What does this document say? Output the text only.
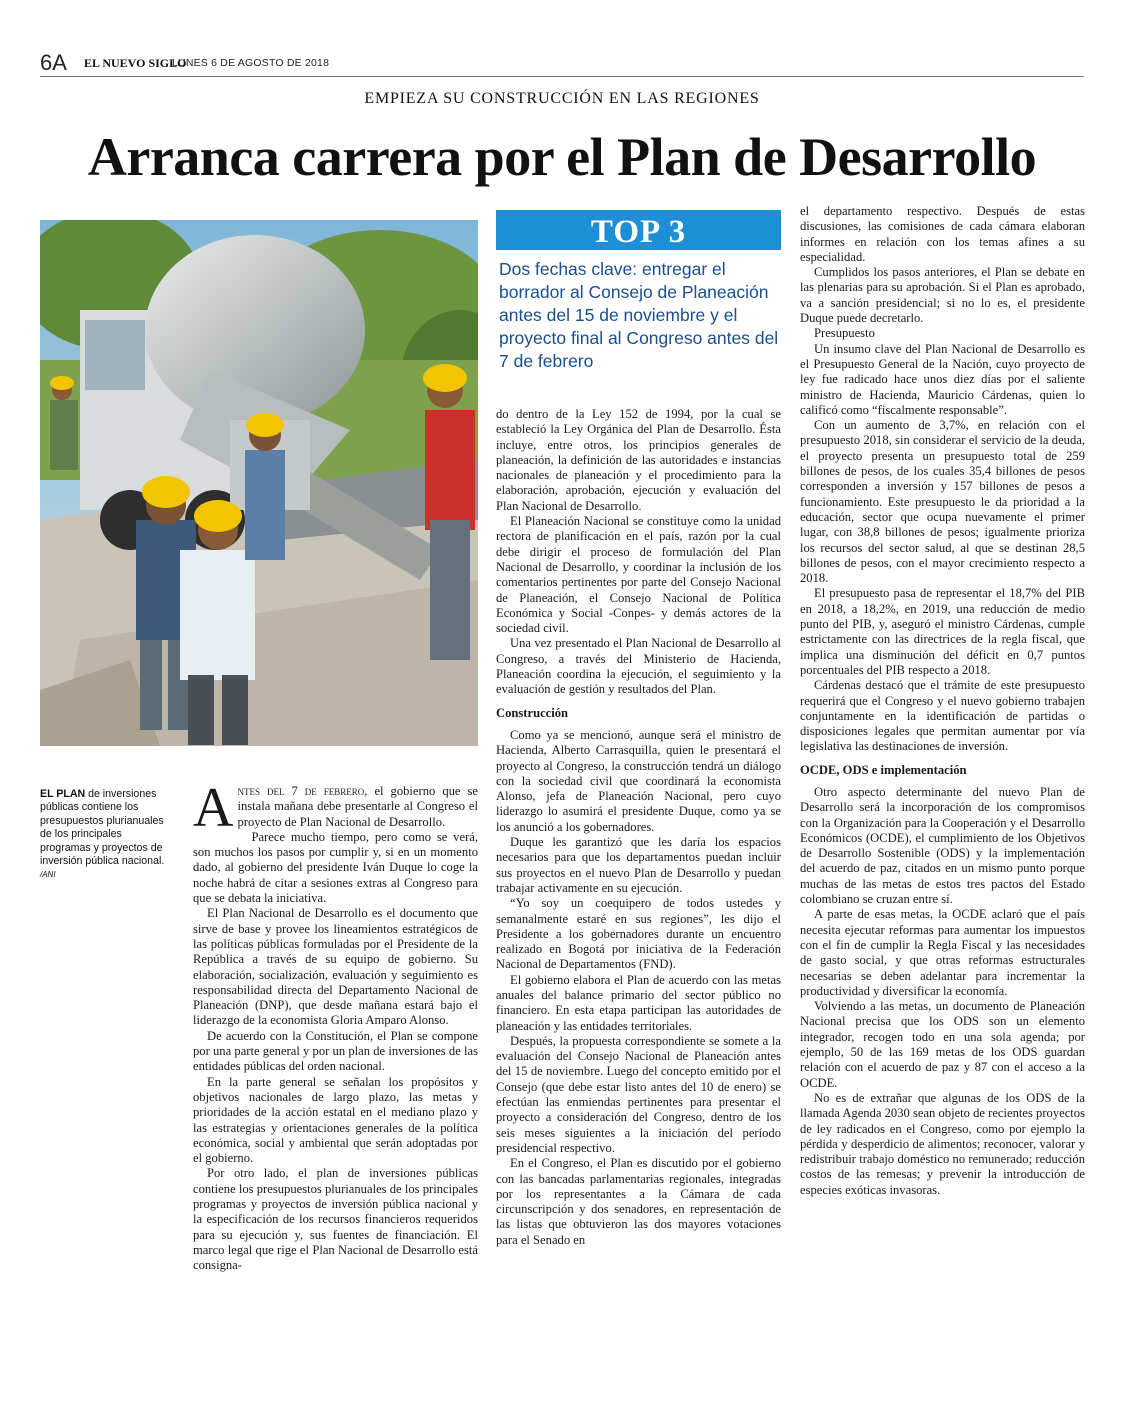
6A EL NUEVO SIGLO
LUNES 6 DE AGOSTO DE 2018
EMPIEZA SU CONSTRUCCIÓN EN LAS REGIONES
Arranca carrera por el Plan de Desarrollo
EL PLAN de inversiones públicas contiene los presupuestos plurianuales de los principales programas y proyectos de inversión pública nacional. /ANI

Antes del 7 de febrero, el gobierno que se instala mañana debe presentarle al Congreso el proyecto de Plan Nacional de Desarrollo.

Parece mucho tiempo, pero como se verá, son muchos los pasos por cumplir y, si en un momento dado, al gobierno del presidente Iván Duque lo coge la noche habrá de citar a sesiones extras al Congreso para que se debata la iniciativa.

El Plan Nacional de Desarrollo es el documento que sirve de base y provee los lineamientos estratégicos de las políticas públicas formuladas por el Presidente de la República a través de su equipo de gobierno. Su elaboración, socialización, evaluación y seguimiento es responsabilidad directa del Departamento Nacional de Planeación (DNP), que desde mañana estará bajo el liderazgo de la economista Gloria Amparo Alonso.

De acuerdo con la Constitución, el Plan se compone por una parte general y por un plan de inversiones de las entidades públicas del orden nacional.

En la parte general se señalan los propósitos y objetivos nacionales de largo plazo, las metas y prioridades de la acción estatal en el mediano plazo y las estrategias y orientaciones generales de la política económica, social y ambiental que serán adoptadas por el gobierno.

Por otro lado, el plan de inversiones públicas contiene los presupuestos plurianuales de los principales programas y proyectos de inversión pública nacional y la especificación de los recursos financieros requeridos para su ejecución y, sus fuentes de financiación. El marco legal que rige el Plan Nacional de Desarrollo está consigna-

TOP 3
Dos fechas clave: entregar el borrador al Consejo de Planeación antes del 15 de noviembre y el proyecto final al Congreso antes del 7 de febrero

do dentro de la Ley 152 de 1994, por la cual se estableció la Ley Orgánica del Plan de Desarrollo. Ésta incluye, entre otros, los principios generales de planeación, la definición de las autoridades e instancias nacionales de planeación y el procedimiento para la elaboración, aprobación, ejecución y evaluación del Plan Nacional de Desarrollo.

El Planeación Nacional se constituye como la unidad rectora de planificación en el país, razón por la cual debe dirigir el proceso de formulación del Plan Nacional de Desarrollo, y coordinar la inclusión de los comentarios pertinentes por parte del Consejo Nacional de Planeación, el Consejo Nacional de Política Económica y Social -Conpes- y demás actores de la sociedad civil.

Una vez presentado el Plan Nacional de Desarrollo al Congreso, a través del Ministerio de Hacienda, Planeación coordina la ejecución, el seguimiento y la evaluación de gestión y resultados del Plan.

Construcción

Como ya se mencionó, aunque será el ministro de Hacienda, Alberto Carrasquilla, quien le presentará el proyecto al Congreso, la construcción tendrá un diálogo con la sociedad civil que coordinará la economista Alonso, jefa de Planeación Nacional, pero cuyo liderazgo lo asumirá el presidente Duque, como ya se los anunció a los gobernadores.

Duque les garantizó que les daría los espacios necesarios para que los departamentos puedan incluir sus proyectos en el nuevo Plan de Desarrollo y puedan trabajar activamente en su ejecución.

“Yo soy un coequipero de todos ustedes y semanalmente estaré en sus regiones”, les dijo el Presidente a los gobernadores durante un encuentro realizado en Bogotá por iniciativa de la Federación Nacional de Departamentos (FND).

El gobierno elabora el Plan de acuerdo con las metas anuales del balance primario del sector público no financiero. En esta etapa participan las autoridades de planeación y las entidades territoriales.

Después, la propuesta correspondiente se somete a la evaluación del Consejo Nacional de Planeación antes del 15 de noviembre. Luego del concepto emitido por el Consejo (que debe estar listo antes del 10 de enero) se efectúan las enmiendas pertinentes para presentar el proyecto a consideración del Congreso, dentro de los seis meses siguientes a la iniciación del período presidencial respectivo.

En el Congreso, el Plan es discutido por el gobierno con las bancadas parlamentarias regionales, integradas por los representantes a la Cámara de cada circunscripción y dos senadores, en representación de las listas que obtuvieron las dos mayores votaciones para el Senado en

el departamento respectivo. Después de estas discusiones, las comisiones de cada cámara elaboran informes en relación con los temas afines a su especialidad.

Cumplidos los pasos anteriores, el Plan se debate en las plenarias para su aprobación. Si el Plan es aprobado, va a sanción presidencial; si no lo es, el presidente Duque puede decretarlo.

Presupuesto

Un insumo clave del Plan Nacional de Desarrollo es el Presupuesto General de la Nación, cuyo proyecto de ley fue radicado hace unos diez días por el saliente ministro de Hacienda, Mauricio Cárdenas, quien lo calificó como “fiscalmente responsable”.

Con un aumento de 3,7%, en relación con el presupuesto 2018, sin considerar el servicio de la deuda, el proyecto presenta un presupuesto total de 259 billones de pesos, de los cuales 35,4 billones de pesos corresponden a inversión y 157 billones de pesos a funcionamiento. Este presupuesto le da prioridad a la educación, sector que ocupa nuevamente el primer lugar, con 38,8 billones de pesos; igualmente prioriza los recursos del sector salud, al que se destinan 28,5 billones de pesos, con el mayor crecimiento respecto a 2018.

El presupuesto pasa de representar el 18,7% del PIB en 2018, a 18,2%, en 2019, una reducción de medio punto del PIB, y, aseguró el ministro Cárdenas, cumple estrictamente con las directrices de la regla fiscal, que implica una disminución del déficit en 0,7 puntos porcentuales del PIB respecto a 2018.

Cárdenas destacó que el trámite de este presupuesto requerirá que el Congreso y el nuevo gobierno trabajen conjuntamente en la identificación de partidas o disposiciones legales que permitan aumentar por vía legislativa las destinaciones de inversión.

OCDE, ODS e implementación

Otro aspecto determinante del nuevo Plan de Desarrollo será la incorporación de los compromisos con la Organización para la Cooperación y el Desarrollo Económicos (OCDE), el cumplimiento de los Objetivos de Desarrollo Sostenible (ODS) y la implementación del acuerdo de paz, citados en un mismo punto porque muchas de las metas de estos tres pactos del Estado colombiano se cruzan entre sí.

A parte de esas metas, la OCDE aclaró que el país necesita ejecutar reformas para aumentar los impuestos con el fin de cumplir la Regla Fiscal y las necesidades de gasto social, y que otras reformas estructurales necesarias se deben adelantar para incrementar la productividad y diversificar la economía.

Volviendo a las metas, un documento de Planeación Nacional precisa que los ODS son un elemento integrador, recogen todo en una sola agenda; por ejemplo, 50 de las 169 metas de los ODS guardan relación con el acuerdo de paz y 87 con el acceso a la OCDE.

No es de extrañar que algunas de los ODS de la llamada Agenda 2030 sean objeto de recientes proyectos de ley radicados en el Congreso, como por ejemplo la pérdida y desperdicio de alimentos; reconocer, valorar y redistribuir trabajo doméstico no remunerado; reducción costos de las remesas; y prevenir la introducción de especies exóticas invasoras.
